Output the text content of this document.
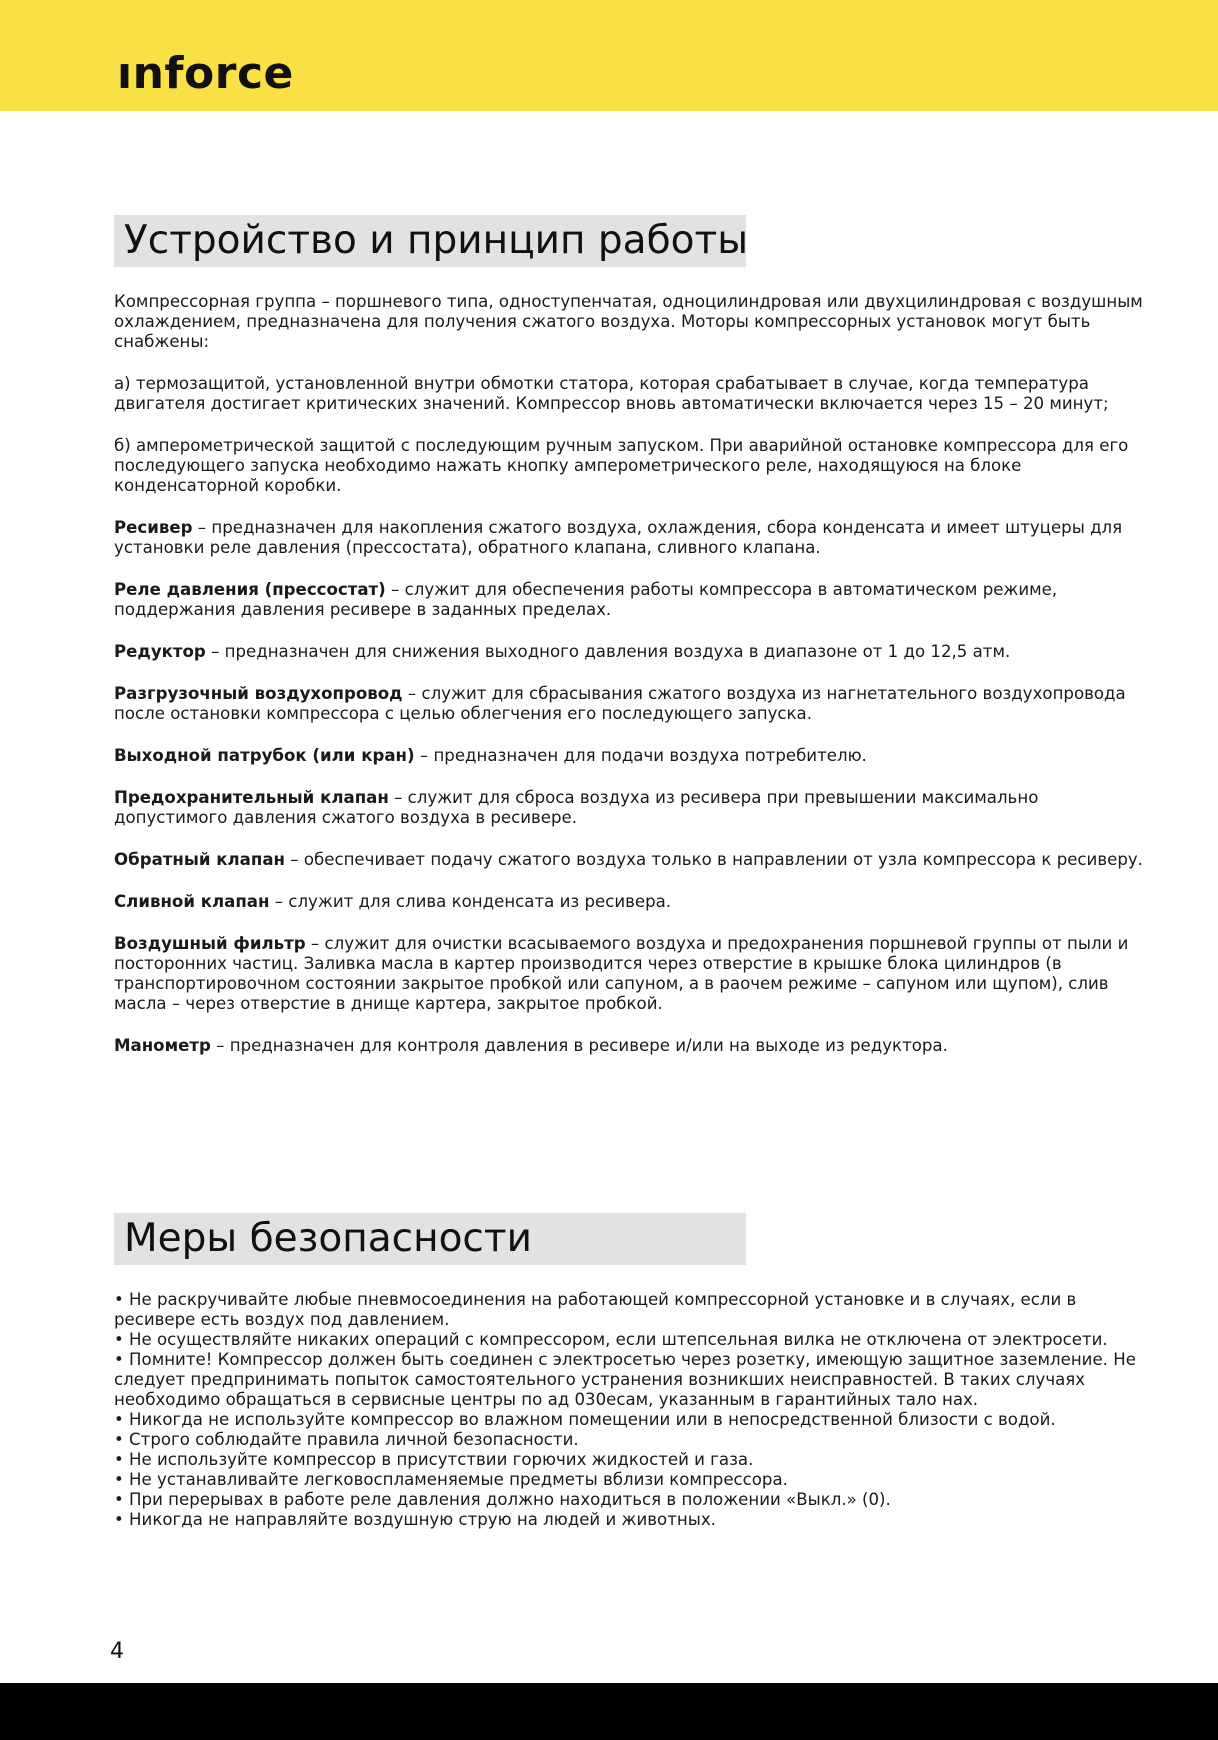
ınforce
Устройство и принцип работы

Компрессорная группа – поршневого типа, одноступенчатая, одноцилиндровая или двухцилиндровая с воздушным охлаждением, предназначена для получения сжатого воздуха. Моторы компрессорных установок могут быть снабжены:

а) термозащитой, установленной внутри обмотки статора, которая срабатывает в случае, когда температура двигателя достигает критических значений. Компрессор вновь автоматически включается через 15 – 20 минут;

б) амперометрической защитой с последующим ручным запуском. При аварийной остановке компрессора для его последующего запуска необходимо нажать кнопку амперометрического реле, находящуюся на блоке конденсаторной коробки.

Ресивер – предназначен для накопления сжатого воздуха, охлаждения, сбора конденсата и имеет штуцеры для установки реле давления (прессостата), обратного клапана, сливного клапана.

Реле давления (прессостат) – служит для обеспечения работы компрессора в автоматическом режиме, поддержания давления ресивере в заданных пределах.

Редуктор – предназначен для снижения выходного давления воздуха в диапазоне от 1 до 12,5 атм.

Разгрузочный воздухопровод – служит для сбрасывания сжатого воздуха из нагнетательного воздухопровода после остановки компрессора с целью облегчения его последующего запуска.

Выходной патрубок (или кран) – предназначен для подачи воздуха потребителю.

Предохранительный клапан – служит для сброса воздуха из ресивера при превышении максимально допустимого давления сжатого воздуха в ресивере.

Обратный клапан – обеспечивает подачу сжатого воздуха только в направлении от узла компрессора к ресиверу.

Сливной клапан – служит для слива конденсата из ресивера.

Воздушный фильтр – служит для очистки всасываемого воздуха и предохранения поршневой группы от пыли и посторонних частиц. Заливка масла в картер производится через отверстие в крышке блока цилиндров (в транспортировочном состоянии закрытое пробкой или сапуном, а в раочем режиме – сапуном или щупом), слив масла – через отверстие в днище картера, закрытое пробкой.

Манометр – предназначен для контроля давления в ресивере и/или на выходе из редуктора.

Меры безопасности
• Не раскручивайте любые пневмосоединения на работающей компрессорной установке и в случаях, если в ресивере есть воздух под давлением.
• Не осуществляйте никаких операций с компрессором, если штепсельная вилка не отключена от электросети.
• Помните! Компрессор должен быть соединен с электросетью через розетку, имеющую защитное заземление. Не следует предпринимать попыток самостоятельного устранения возникших неисправностей. В таких случаях необходимо обращаться в сервисные центры по ад 030есам, указанным в гарантийных тало нах.
• Никогда не используйте компрессор во влажном помещении или в непосредственной близости с водой.
• Строго соблюдайте правила личной безопасности.
• Не используйте компрессор в присутствии горючих жидкостей и газа.
• Не устанавливайте легковоспламеняемые предметы вблизи компрессора.
• При перерывах в работе реле давления должно находиться в положении «Выкл.» (0).
• Никогда не направляйте воздушную струю на людей и животных.
4
